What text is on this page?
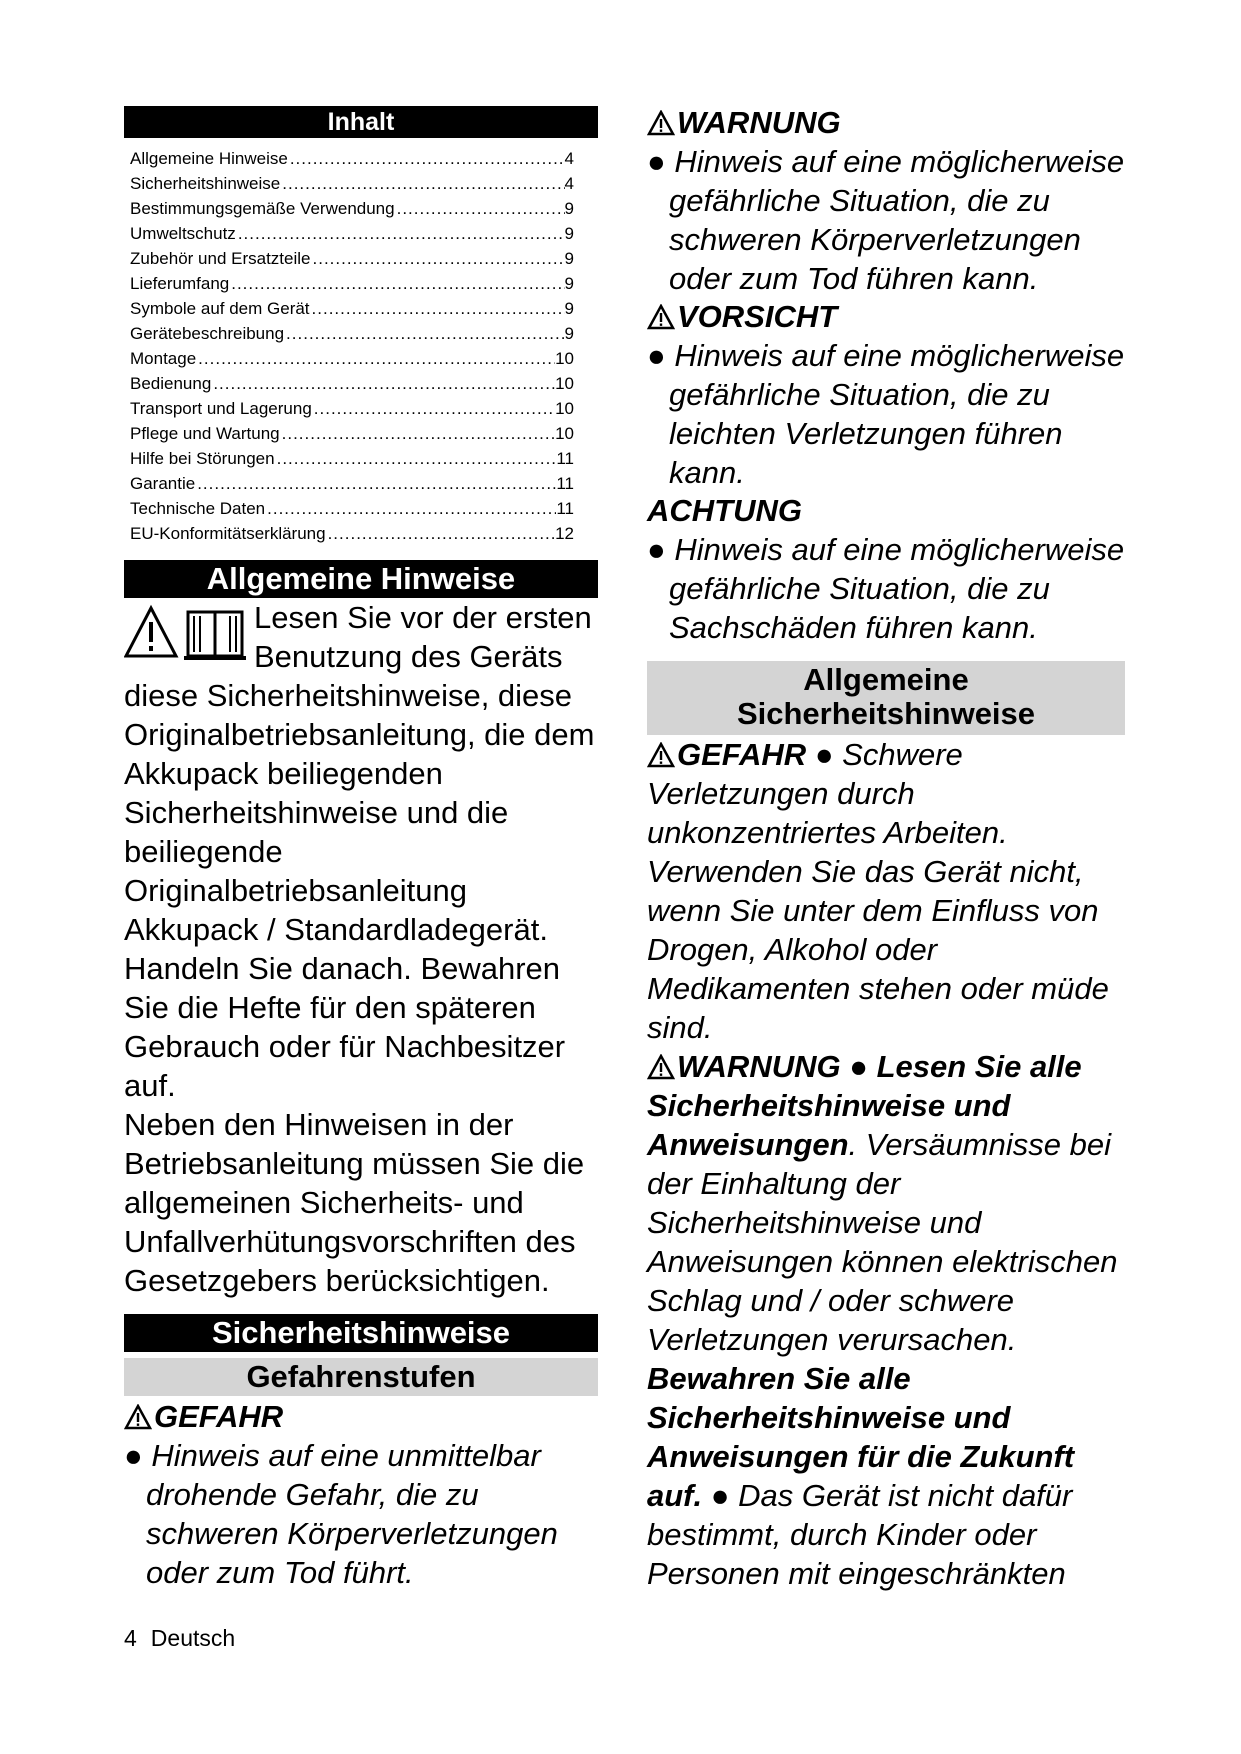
Inhalt
Allgemeine Hinweise .....	4
Sicherheitshinweise .....	4
Bestimmungsgemäße Verwendung .....	9
Umweltschutz .....	9
Zubehör und Ersatzteile .....	9
Lieferumfang .....	9
Symbole auf dem Gerät .....	9
Gerätebeschreibung .....	9
Montage .....	10
Bedienung .....	10
Transport und Lagerung .....	10
Pflege und Wartung .....	10
Hilfe bei Störungen .....	11
Garantie .....	11
Technische Daten .....	11
EU-Konformitätserklärung .....	12
Allgemeine Hinweise

Lesen Sie vor der ersten Benutzung des Geräts diese Sicherheitshinweise, diese Originalbetriebsanleitung, die dem Akkupack beiliegenden Sicherheitshinweise und die beiliegende Originalbetriebsanleitung Akkupack / Standardladegerät. Handeln Sie danach. Bewahren Sie die Hefte für den späteren Gebrauch oder für Nachbesitzer auf.

Neben den Hinweisen in der Betriebsanleitung müssen Sie die allgemeinen Sicherheits- und Unfallverhütungsvorschriften des Gesetzgebers berücksichtigen.

Sicherheitshinweise
Gefahrenstufen
GEFAHR

● Hinweis auf eine unmittelbar drohende Gefahr, die zu schweren Körperverletzungen oder zum Tod führt.

WARNUNG

● Hinweis auf eine möglicherweise gefährliche Situation, die zu schweren Körperverletzungen oder zum Tod führen kann.

VORSICHT

● Hinweis auf eine möglicherweise gefährliche Situation, die zu leichten Verletzungen führen kann.

ACHTUNG

● Hinweis auf eine möglicherweise gefährliche Situation, die zu Sachschäden führen kann.

Allgemeine
Sicherheitshinweise

GEFAHR ● Schwere Verletzungen durch unkonzentriertes Arbeiten. Verwenden Sie das Gerät nicht, wenn Sie unter dem Einfluss von Drogen, Alkohol oder Medikamenten stehen oder müde sind.

WARNUNG ● Lesen Sie alle Sicherheitshinweise und Anweisungen. Versäumnisse bei der Einhaltung der Sicherheitshinweise und Anweisungen können elektrischen Schlag und / oder schwere Verletzungen verursachen. Bewahren Sie alle Sicherheitshinweise und Anweisungen für die Zukunft auf. ● Das Gerät ist nicht dafür bestimmt, durch Kinder oder Personen mit eingeschränkten

4 Deutsch
